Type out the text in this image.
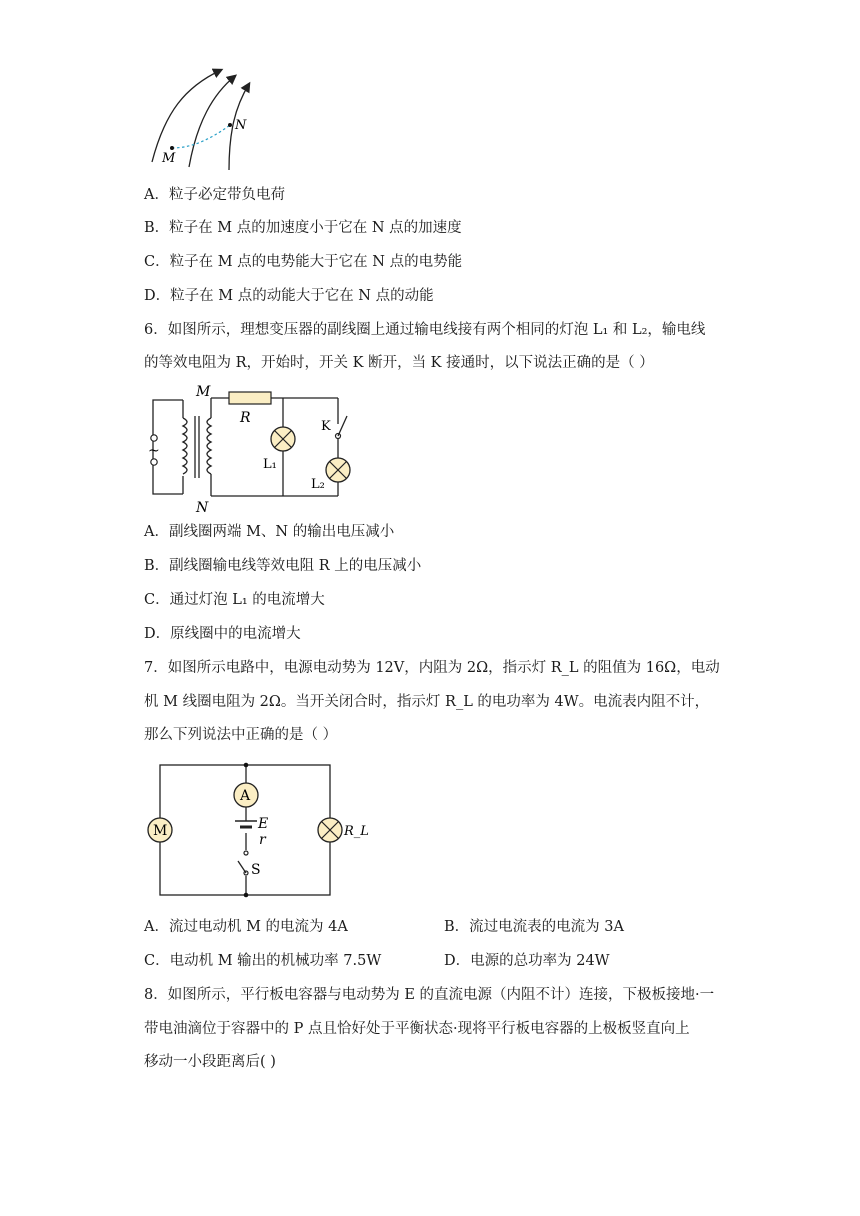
M
N
A．粒子必定带负电荷
B．粒子在 M 点的加速度小于它在 N 点的加速度
C．粒子在 M 点的电势能大于它在 N 点的电势能
D．粒子在 M 点的动能大于它在 N 点的动能
6．如图所示，理想变压器的副线圈上通过输电线接有两个相同的灯泡 L₁ 和 L₂，输电线
的等效电阻为 R，开始时，开关 K 断开，当 K 接通时，以下说法正确的是（ ）
~
R
M
N
L₁
K
L₂
A．副线圈两端 M、N 的输出电压减小
B．副线圈输电线等效电阻 R 上的电压减小
C．通过灯泡 L₁ 的电流增大
D．原线圈中的电流增大
7．如图所示电路中，电源电动势为 12V，内阻为 2Ω，指示灯 R_L 的阻值为 16Ω，电动
机 M 线圈电阻为 2Ω。当开关闭合时，指示灯 R_L 的电功率为 4W。电流表内阻不计，
那么下列说法中正确的是（ ）
M
A
E
r
S
R_L
A．流过电动机 M 的电流为 4A	B．流过电流表的电流为 3A
C．电动机 M 输出的机械功率 7.5W	D．电源的总功率为 24W
8．如图所示，平行板电容器与电动势为 E 的直流电源（内阻不计）连接，下极板接地·一
带电油滴位于容器中的 P 点且恰好处于平衡状态·现将平行板电容器的上极板竖直向上
移动一小段距离后( )
